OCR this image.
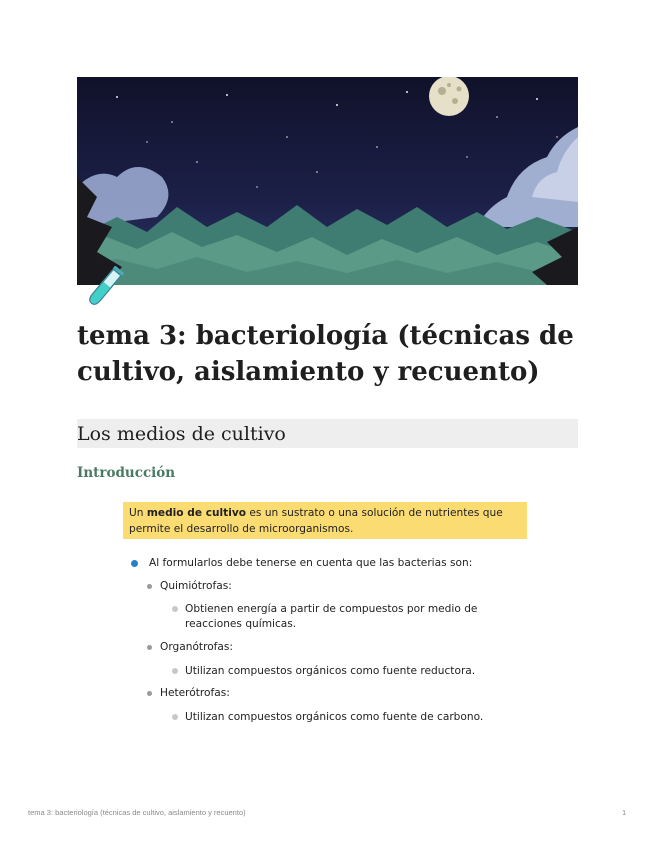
tema 3: bacteriología (técnicas de cultivo, aislamiento y recuento)
Los medios de cultivo
Introducción
Un medio de cultivo es un sustrato o una solución de nutrientes que permite el desarrollo de microorganismos.
Al formularlos debe tenerse en cuenta que las bacterias son:
Quimiótrofas:
Obtienen energía a partir de compuestos por medio de reacciones químicas.
Organótrofas:
Utilizan compuestos orgánicos como fuente reductora.
Heterótrofas:
Utilizan compuestos orgánicos como fuente de carbono.
tema 3: bacteriología (técnicas de cultivo, aislamiento y recuento)	1
